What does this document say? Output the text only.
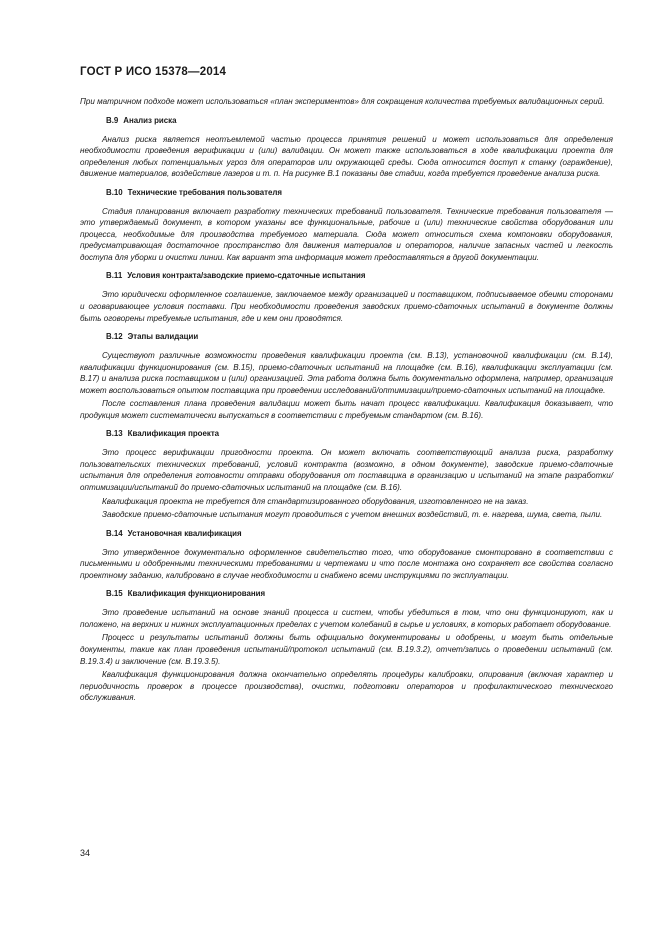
ГОСТ Р ИСО 15378—2014

При матричном подходе может использоваться «план экспериментов» для сокращения количества требуемых валидационных серий.

В.9 Анализ риска

Анализ риска является неотъемлемой частью процесса принятия решений и может использоваться для определения необходимости проведения верификации и (или) валидации. Он может также использоваться в ходе квалификации проекта для определения любых потенциальных угроз для операторов или окружающей среды. Сюда относится доступ к станку (ограждение), движение материалов, воздействие лазеров и т. п. На рисунке В.1 показаны две стадии, когда требуется проведение анализа риска.

В.10 Технические требования пользователя

Стадия планирования включает разработку технических требований пользователя. Технические требования пользователя — это утверждаемый документ, в котором указаны все функциональные, рабочие и (или) технические свойства оборудования или процесса, необходимые для производства требуемого материала. Сюда может относиться схема компоновки оборудования, предусматривающая достаточное пространство для движения материалов и операторов, наличие запасных частей и легкость доступа для уборки и очистки линии. Как вариант эта информация может предоставляться в другой документации.

В.11 Условия контракта/заводские приемо-сдаточные испытания

Это юридически оформленное соглашение, заключаемое между организацией и поставщиком, подписываемое обеими сторонами и оговаривающее условия поставки. При необходимости проведения заводских приемо-сдаточных испытаний в документе должны быть оговорены требуемые испытания, где и кем они проводятся.

В.12 Этапы валидации

Существуют различные возможности проведения квалификации проекта (см. В.13), установочной квалификации (см. В.14), квалификации функционирования (см. В.15), приемо-сдаточных испытаний на площадке (см. В.16), квалификации эксплуатации (см. В.17) и анализа риска поставщиком и (или) организацией. Эта работа должна быть документально оформлена, например, организация может воспользоваться опытом поставщика при проведении исследований/оптимизации/приемо-сдаточных испытаний на площадке.

После составления плана проведения валидации может быть начат процесс квалификации. Квалификация доказывает, что продукция может систематически выпускаться в соответствии с требуемым стандартом (см. В.16).

В.13 Квалификация проекта

Это процесс верификации пригодности проекта. Он может включать соответствующий анализа риска, разработку пользовательских технических требований, условий контракта (возможно, в одном документе), заводские приемо-сдаточные испытания для определения готовности отправки оборудования от поставщика в организацию и испытаний на этапе разработки/оптимизации/испытаний до приемо-сдаточных испытаний на площадке (см. В.16).

Квалификация проекта не требуется для стандартизированного оборудования, изготовленного не на заказ.

Заводские приемо-сдаточные испытания могут проводиться с учетом внешних воздействий, т. е. нагрева, шума, света, пыли.

В.14 Установочная квалификация

Это утвержденное документально оформленное свидетельство того, что оборудование смонтировано в соответствии с письменными и одобренными техническими требованиями и чертежами и что после монтажа оно сохраняет все свойства согласно проектному заданию, калибровано в случае необходимости и снабжено всеми инструкциями по эксплуатации.

В.15 Квалификация функционирования

Это проведение испытаний на основе знаний процесса и систем, чтобы убедиться в том, что они функционируют, как и положено, на верхних и нижних эксплуатационных пределах с учетом колебаний в сырье и условиях, в которых работает оборудование.

Процесс и результаты испытаний должны быть официально документированы и одобрены, и могут быть отдельные документы, такие как план проведения испытаний/протокол испытаний (см. В.19.3.2), отчет/запись о проведении испытаний (см. В.19.3.4) и заключение (см. В.19.3.5).

Квалификация функционирования должна окончательно определять процедуры калибровки, опирования (включая характер и периодичность проверок в процессе производства), очистки, подготовки операторов и профилактического технического обслуживания.

34
